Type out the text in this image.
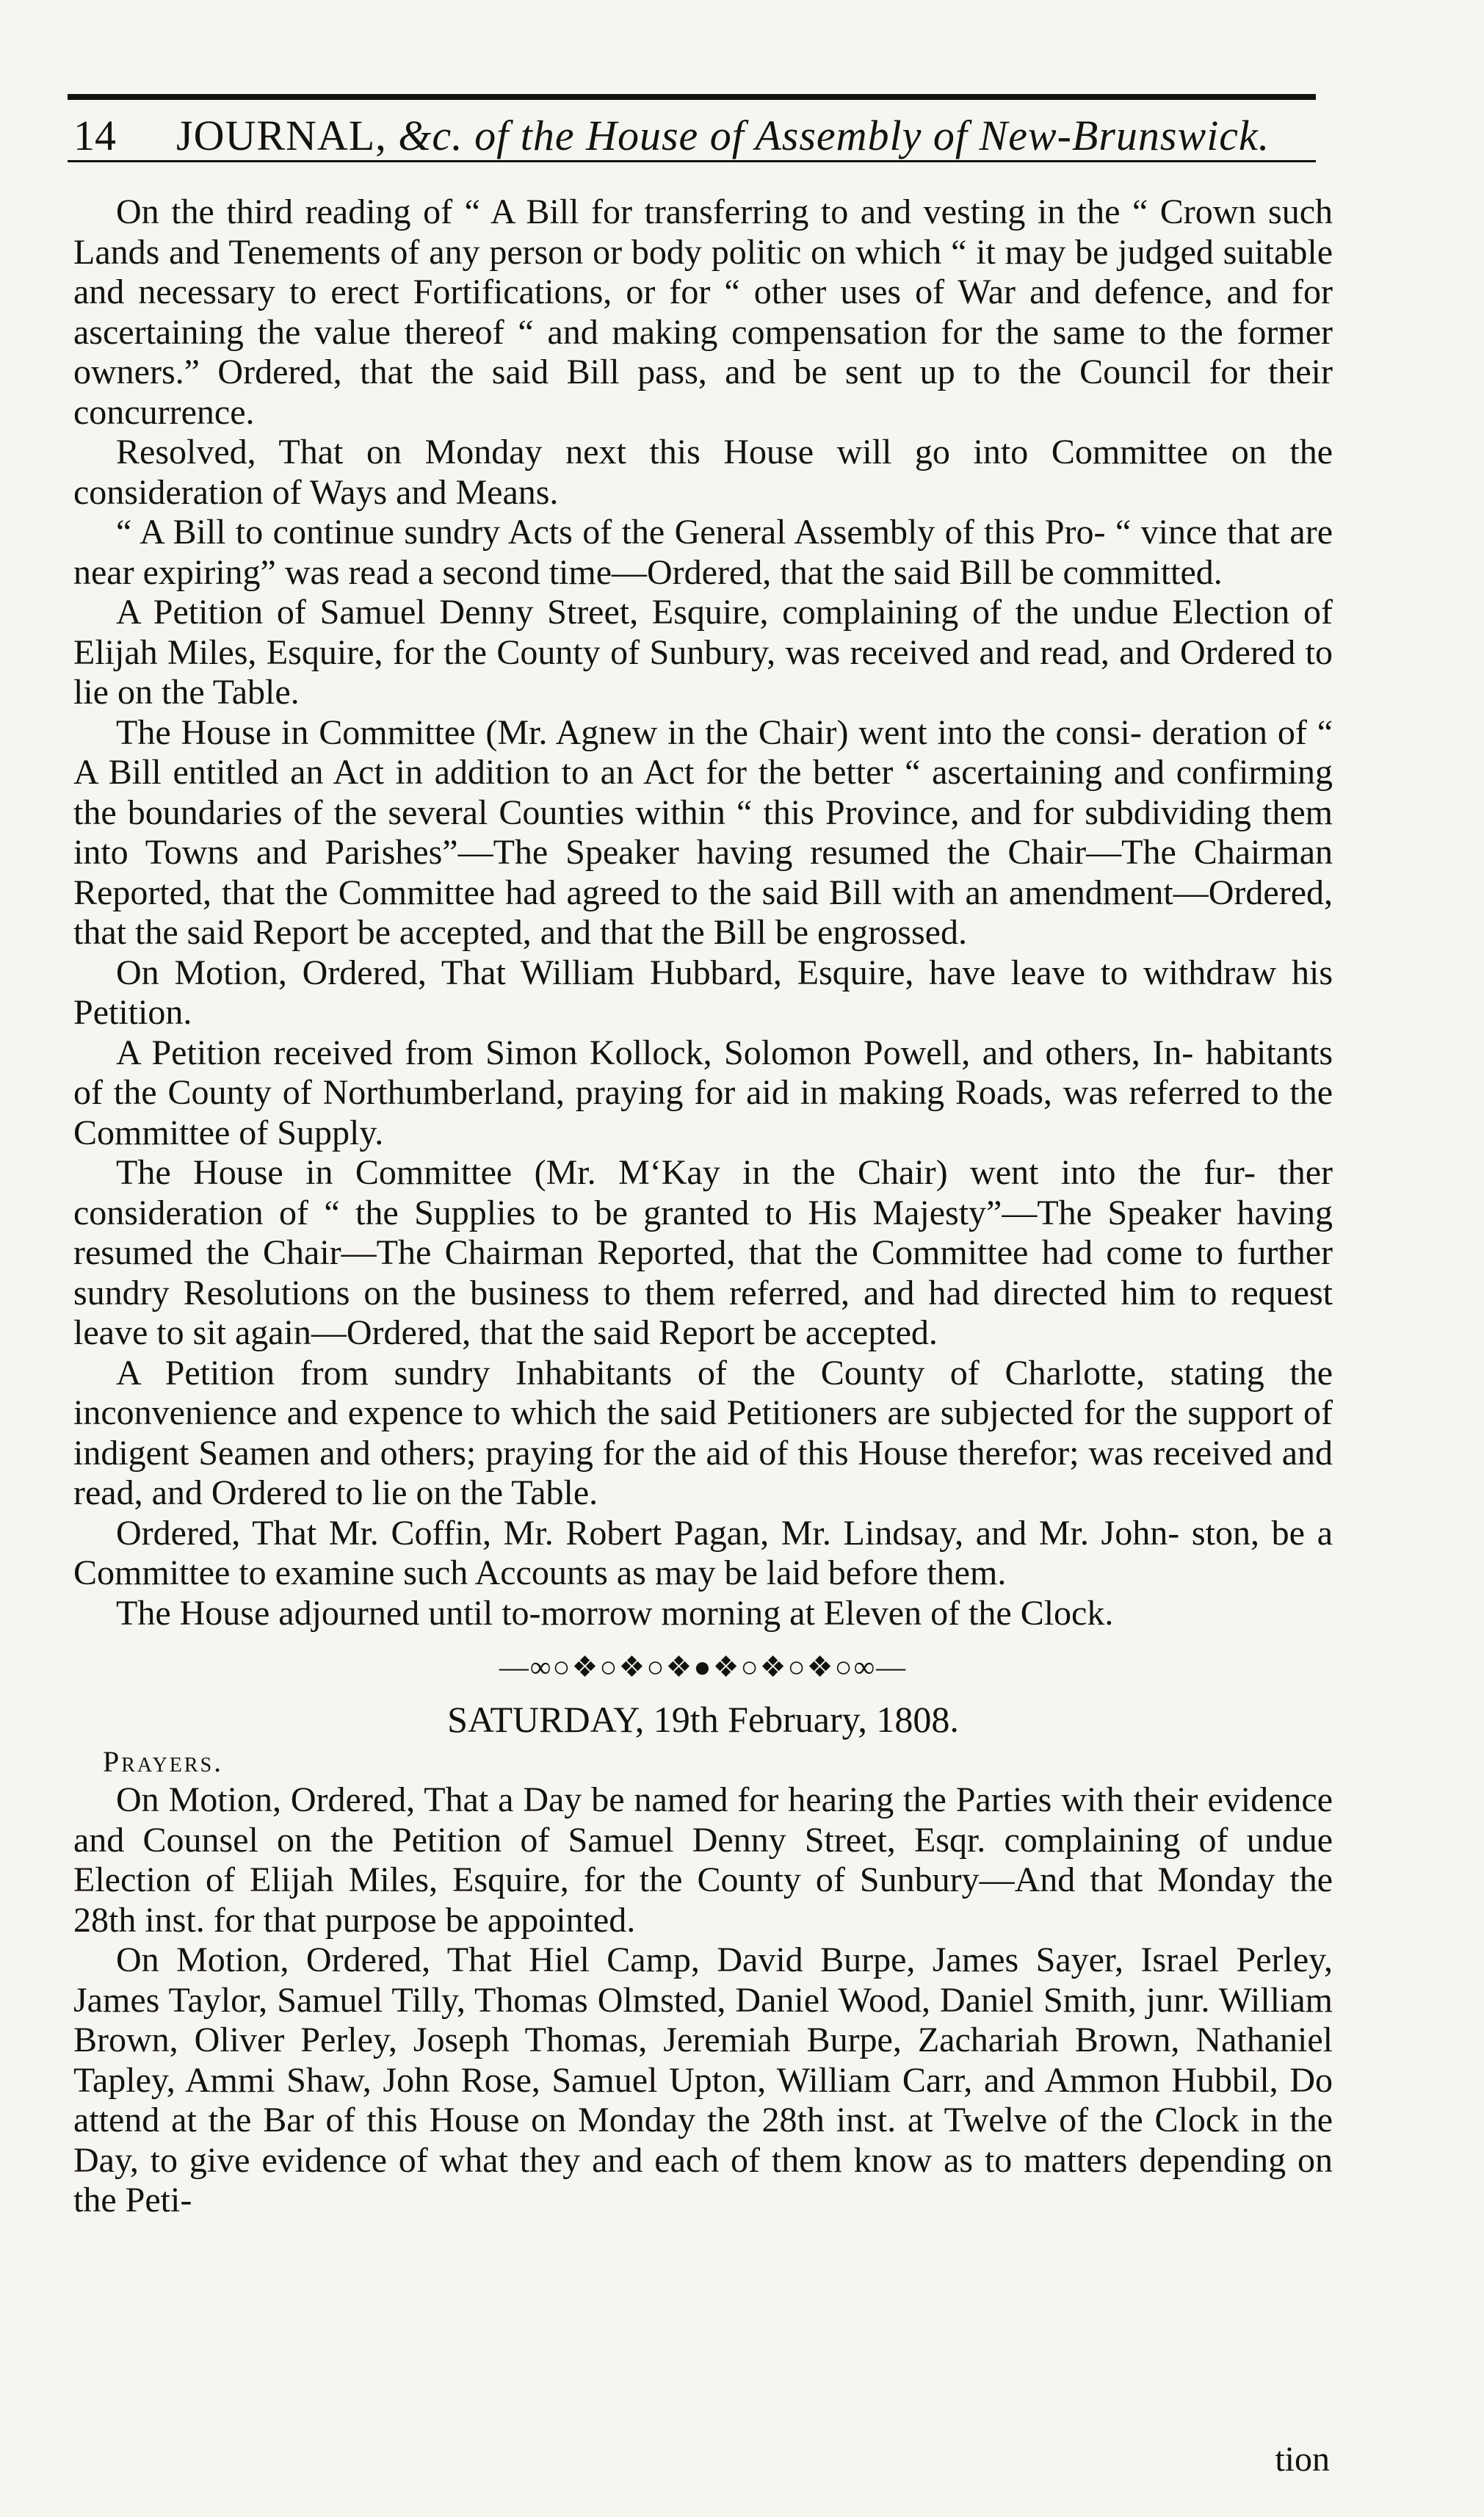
14 JOURNAL, &c. of the House of Assembly of New-Brunswick.

On the third reading of “ A Bill for transferring to and vesting in the “ Crown such Lands and Tenements of any person or body politic on which “ it may be judged suitable and necessary to erect Fortifications, or for “ other uses of War and defence, and for ascertaining the value thereof “ and making compensation for the same to the former owners.” Ordered, that the said Bill pass, and be sent up to the Council for their concurrence.

Resolved, That on Monday next this House will go into Committee on the consideration of Ways and Means.

“ A Bill to continue sundry Acts of the General Assembly of this Pro- “ vince that are near expiring” was read a second time—Ordered, that the said Bill be committed.

A Petition of Samuel Denny Street, Esquire, complaining of the undue Election of Elijah Miles, Esquire, for the County of Sunbury, was received and read, and Ordered to lie on the Table.

The House in Committee (Mr. Agnew in the Chair) went into the consi- deration of “ A Bill entitled an Act in addition to an Act for the better “ ascertaining and confirming the boundaries of the several Counties within “ this Province, and for subdividing them into Towns and Parishes”—The Speaker having resumed the Chair—The Chairman Reported, that the Committee had agreed to the said Bill with an amendment—Ordered, that the said Report be accepted, and that the Bill be engrossed.

On Motion, Ordered, That William Hubbard, Esquire, have leave to withdraw his Petition.

A Petition received from Simon Kollock, Solomon Powell, and others, In- habitants of the County of Northumberland, praying for aid in making Roads, was referred to the Committee of Supply.

The House in Committee (Mr. M‘Kay in the Chair) went into the fur- ther consideration of “ the Supplies to be granted to His Majesty”—The Speaker having resumed the Chair—The Chairman Reported, that the Committee had come to further sundry Resolutions on the business to them referred, and had directed him to request leave to sit again—Ordered, that the said Report be accepted.

A Petition from sundry Inhabitants of the County of Charlotte, stating the inconvenience and expence to which the said Petitioners are subjected for the support of indigent Seamen and others; praying for the aid of this House therefor; was received and read, and Ordered to lie on the Table.

Ordered, That Mr. Coffin, Mr. Robert Pagan, Mr. Lindsay, and Mr. John- ston, be a Committee to examine such Accounts as may be laid before them.

The House adjourned until to-morrow morning at Eleven of the Clock.

—∞○❖○❖○❖●❖○❖○❖○∞—
SATURDAY, 19th February, 1808.
Prayers.

On Motion, Ordered, That a Day be named for hearing the Parties with their evidence and Counsel on the Petition of Samuel Denny Street, Esqr. complaining of undue Election of Elijah Miles, Esquire, for the County of Sunbury—And that Monday the 28th inst. for that purpose be appointed.

On Motion, Ordered, That Hiel Camp, David Burpe, James Sayer, Israel Perley, James Taylor, Samuel Tilly, Thomas Olmsted, Daniel Wood, Daniel Smith, junr. William Brown, Oliver Perley, Joseph Thomas, Jeremiah Burpe, Zachariah Brown, Nathaniel Tapley, Ammi Shaw, John Rose, Samuel Upton, William Carr, and Ammon Hubbil, Do attend at the Bar of this House on Monday the 28th inst. at Twelve of the Clock in the Day, to give evidence of what they and each of them know as to matters depending on the Peti-

tion
